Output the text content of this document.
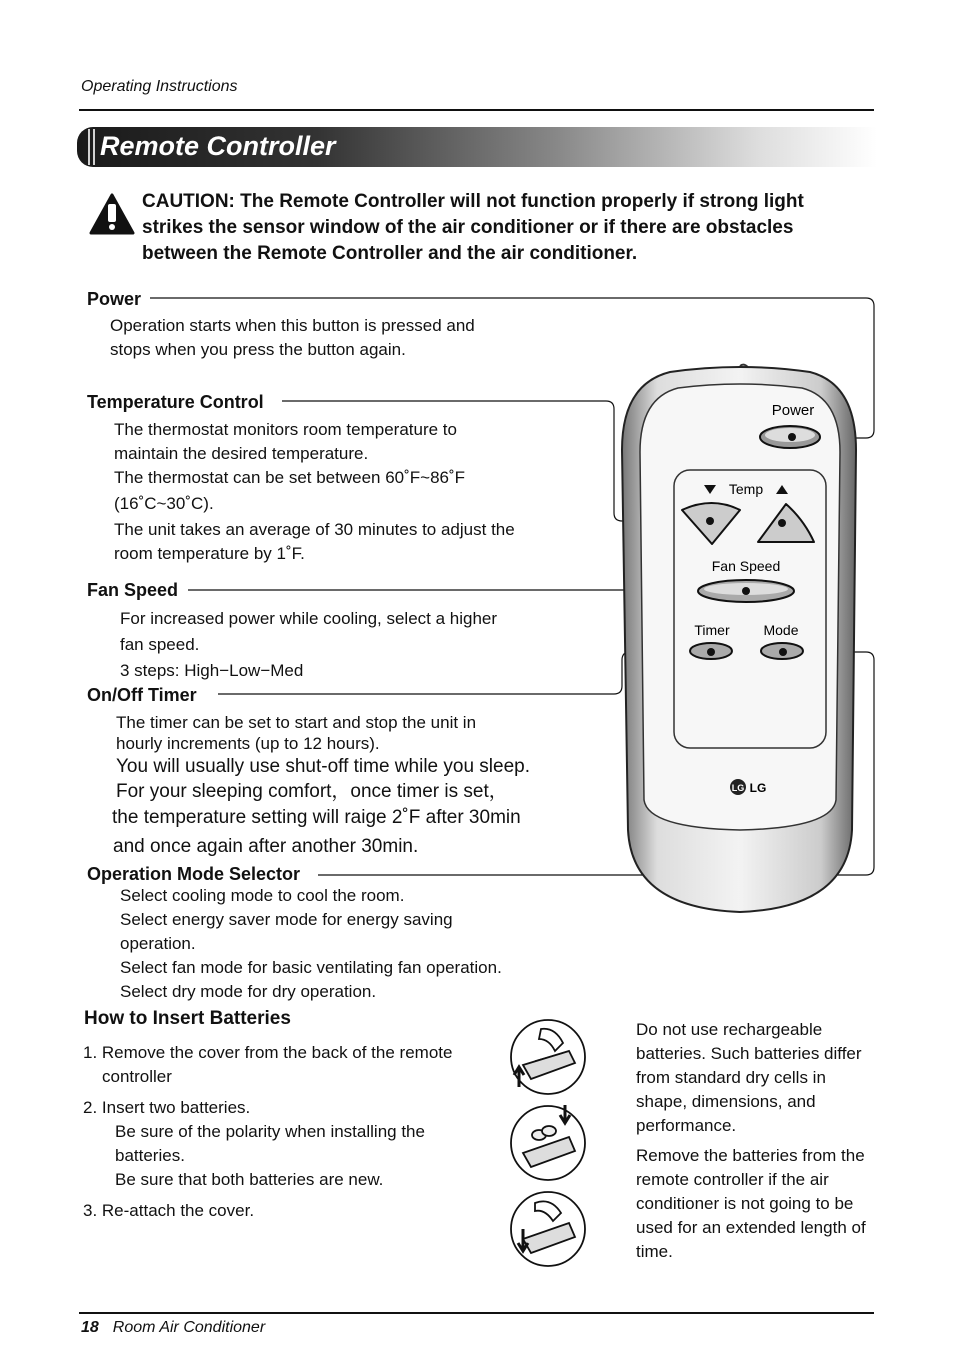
Operating Instructions
Remote Controller
CAUTION: The Remote Controller will not function properly if strong light strikes the sensor window of the air conditioner or if there are obstacles between the Remote Controller and the air conditioner.
Power

Operation starts when this button is pressed and

stops when you press the button again.

Temperature Control

The thermostat monitors room temperature to

maintain the desired temperature.

The thermostat can be set between 60˚F~86˚F

(16˚C~30˚C).

The unit takes an average of 30 minutes to adjust the

room temperature by 1˚F.

Fan Speed

For increased power while cooling, select a higher

fan speed.

3 steps: High−Low−Med

On/Off Timer

The timer can be set to start and stop the unit in

hourly increments (up to 12 hours).

You will usually use shut-off time while you sleep.

For your sleeping comfort，once timer is set，

the temperature setting will raige 2˚F after 30min

and once again after another 30min.

Operation Mode Selector

Select cooling mode to cool the room.

Select energy saver mode for energy saving

operation.

Select fan mode for basic ventilating fan operation.

Select dry mode for dry operation.

Power
Temp
Fan Speed
Timer Mode
LG LG
How to Insert Batteries

1. Remove the cover from the back of the remote

controller

2. Insert two batteries.

Be sure of the polarity when installing the

batteries.

Be sure that both batteries are new.

3. Re-attach the cover.

Do not use rechargeable batteries. Such batteries differ from standard dry cells in shape, dimensions, and performance.

Remove the batteries from the remote controller if the air conditioner is not going to be used for an extended length of time.

18 Room Air Conditioner
